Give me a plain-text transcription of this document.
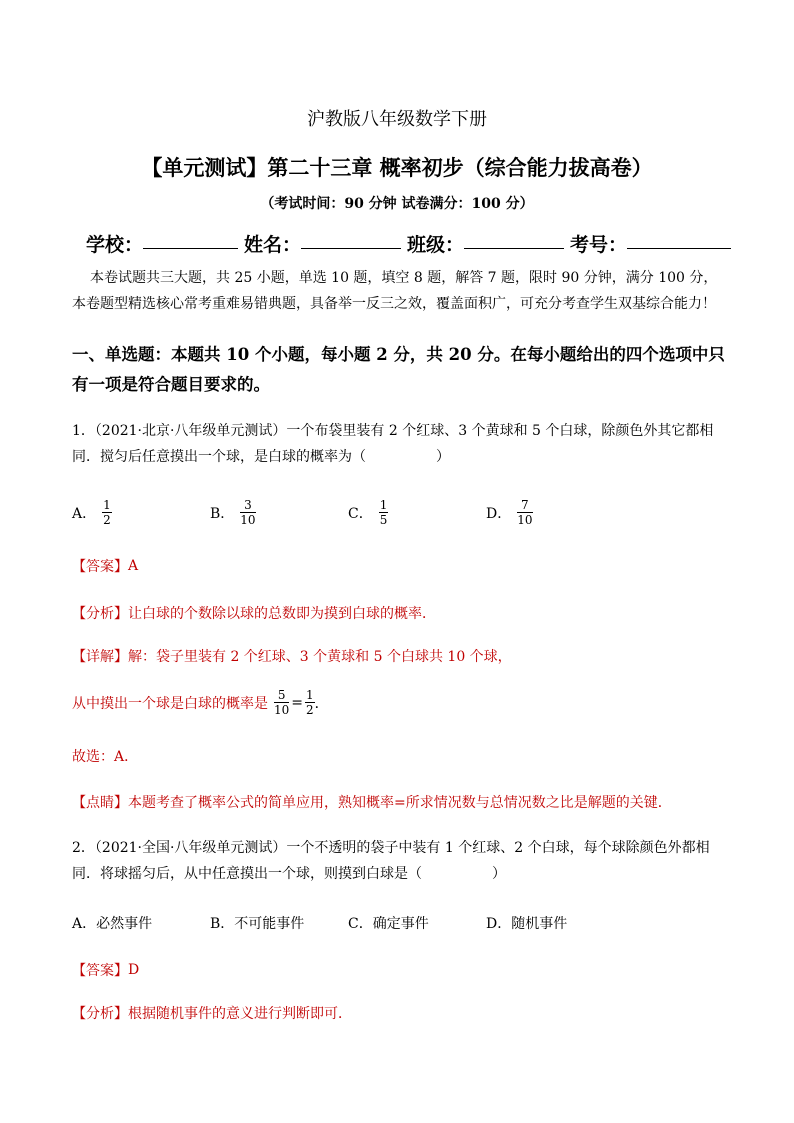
沪教版八年级数学下册
【单元测试】第二十三章 概率初步（综合能力拔高卷）
（考试时间：90 分钟 试卷满分：100 分）
学校：	姓名：	班级：	考号：
本卷试题共三大题，共 25 小题，单选 10 题，填空 8 题，解答 7 题，限时 90 分钟，满分 100 分，本卷题型精选核心常考重难易错典题，具备举一反三之效，覆盖面积广，可充分考查学生双基综合能力！
一、单选题：本题共 10 个小题，每小题 2 分，共 20 分。在每小题给出的四个选项中只有一项是符合题目要求的。
1．（2021·北京·八年级单元测试）一个布袋里装有 2 个红球、3 个黄球和 5 个白球，除颜色外其它都相同．搅匀后任意摸出一个球，是白球的概率为（　　　　　）
A． $\frac{1}{2}$	B． $\frac{3}{10}$	C． $\frac{1}{5}$	D． $\frac{7}{10}$
【答案】 A
【分析】 让白球的个数除以球的总数即为摸到白球的概率．
【详解】 解：袋子里装有 2 个红球、3 个黄球和 5 个白球共 10 个球，
从中摸出一个球是白球的概率是 $\frac{5}{10} = \frac{1}{2}$ ．
故选：A．
【点睛】 本题考查了概率公式的简单应用，熟知概率=所求情况数与总情况数之比是解题的关键．
2．（2021·全国·八年级单元测试）一个不透明的袋子中装有 1 个红球、2 个白球，每个球除颜色外都相同．将球摇匀后，从中任意摸出一个球，则摸到白球是（　　　　　）
A．必然事件	B．不可能事件	C．确定事件	D．随机事件
【答案】 D
【分析】 根据随机事件的意义进行判断即可．
